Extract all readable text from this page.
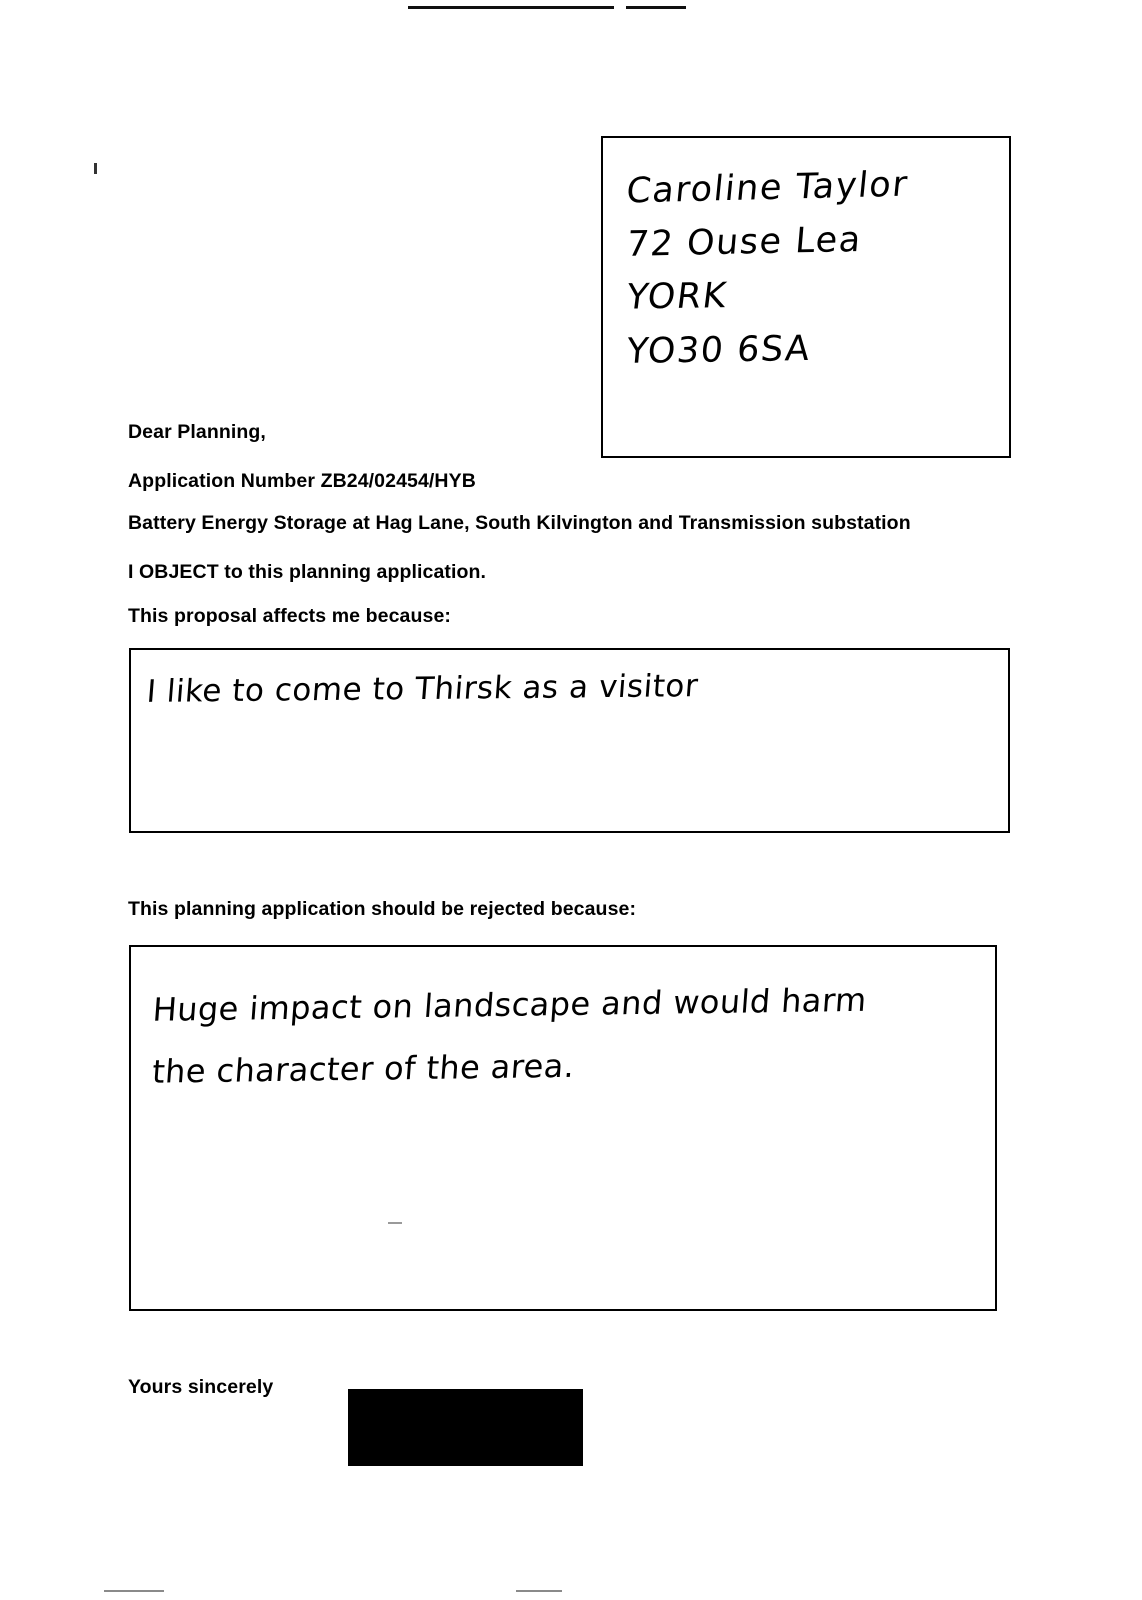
Caroline Taylor
72 Ouse Lea
YORK
YO30 6SA
Dear Planning,
Application Number ZB24/02454/HYB
Battery Energy Storage at Hag Lane, South Kilvington and Transmission substation
I OBJECT to this planning application.
This proposal affects me because:
I like to come to Thirsk as a visitor
This planning application should be rejected because:
Huge impact on landscape and would harm
the character of the area.
Yours sincerely
